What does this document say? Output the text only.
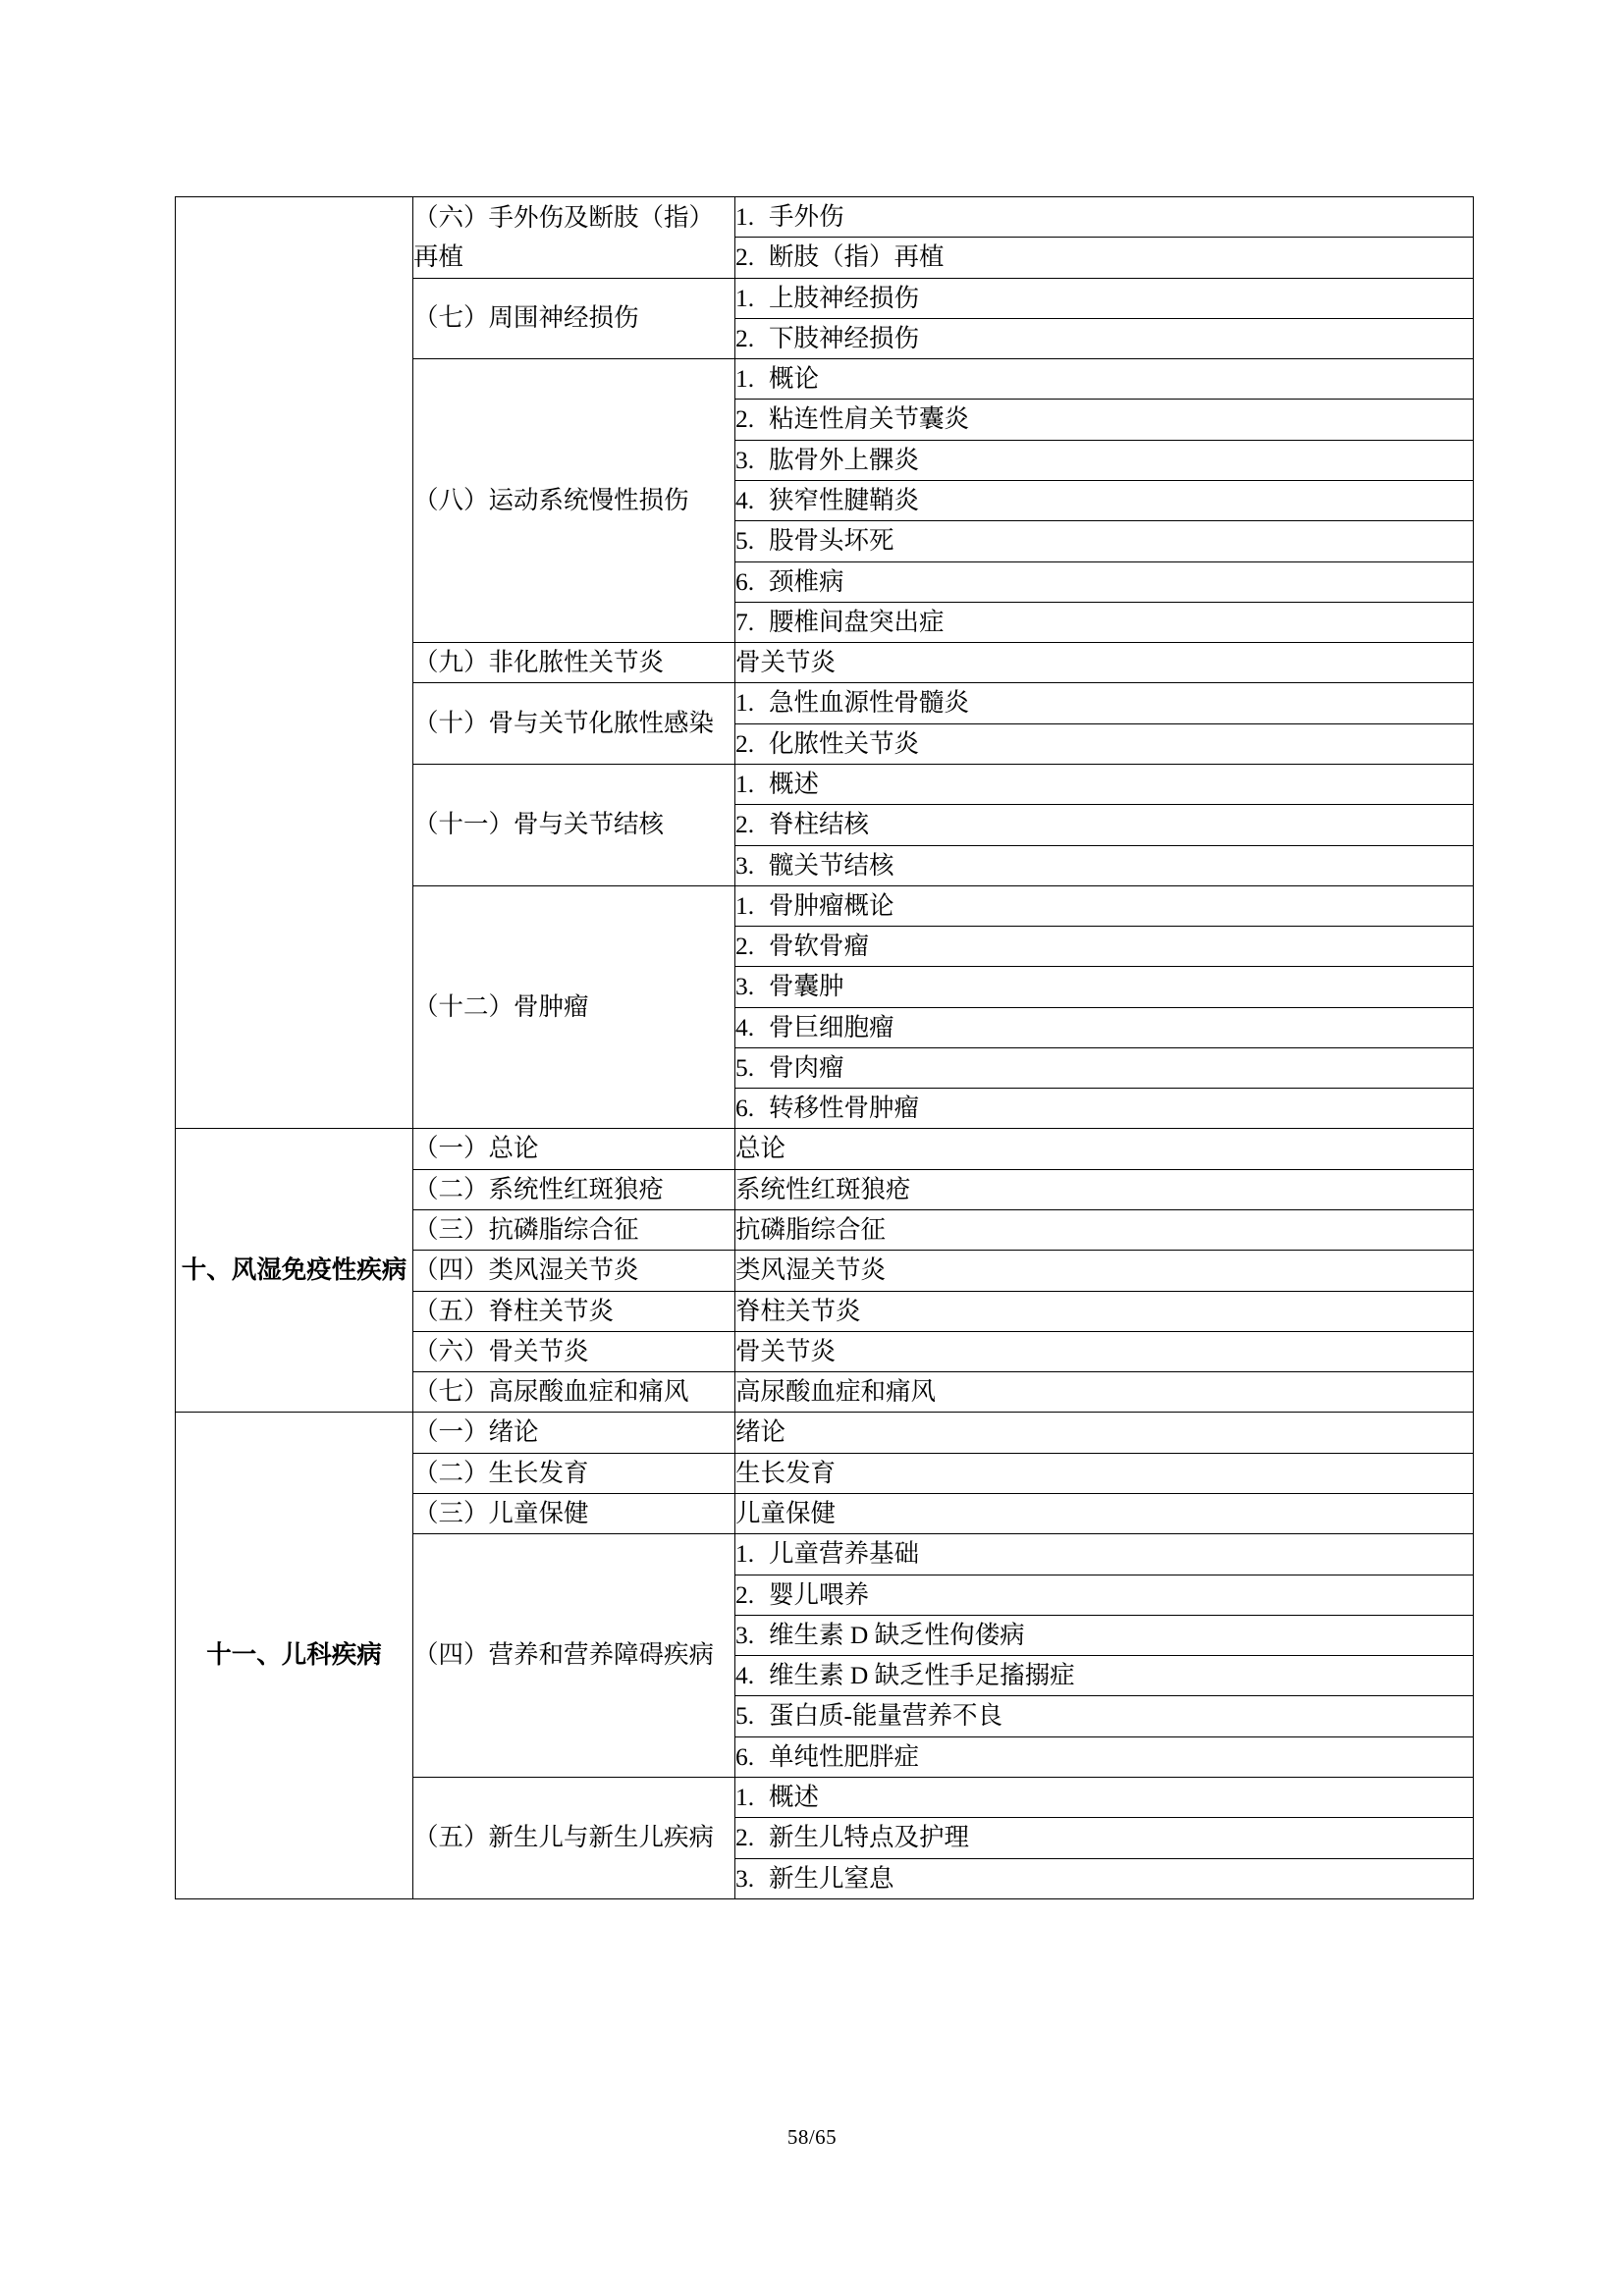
	（六）手外伤及断肢（指）再植	1. 手外伤
		2. 断肢（指）再植
	（七）周围神经损伤	1. 上肢神经损伤
		2. 下肢神经损伤
	（八）运动系统慢性损伤	1. 概论
		2. 粘连性肩关节囊炎
		3. 肱骨外上髁炎
		4. 狭窄性腱鞘炎
		5. 股骨头坏死
		6. 颈椎病
		7. 腰椎间盘突出症
	（九）非化脓性关节炎	骨关节炎
	（十）骨与关节化脓性感染	1. 急性血源性骨髓炎
		2. 化脓性关节炎
	（十一）骨与关节结核	1. 概述
		2. 脊柱结核
		3. 髋关节结核
	（十二）骨肿瘤	1. 骨肿瘤概论
		2. 骨软骨瘤
		3. 骨囊肿
		4. 骨巨细胞瘤
		5. 骨肉瘤
		6. 转移性骨肿瘤
十、风湿免疫性疾病	（一）总论	总论
	（二）系统性红斑狼疮	系统性红斑狼疮
	（三）抗磷脂综合征	抗磷脂综合征
	（四）类风湿关节炎	类风湿关节炎
	（五）脊柱关节炎	脊柱关节炎
	（六）骨关节炎	骨关节炎
	（七）高尿酸血症和痛风	高尿酸血症和痛风
十一、儿科疾病	（一）绪论	绪论
	（二）生长发育	生长发育
	（三）儿童保健	儿童保健
	（四）营养和营养障碍疾病	1. 儿童营养基础
		2. 婴儿喂养
		3. 维生素 D 缺乏性佝偻病
		4. 维生素 D 缺乏性手足搐搦症
		5. 蛋白质-能量营养不良
		6. 单纯性肥胖症
	（五）新生儿与新生儿疾病	1. 概述
		2. 新生儿特点及护理
		3. 新生儿窒息
58/65
